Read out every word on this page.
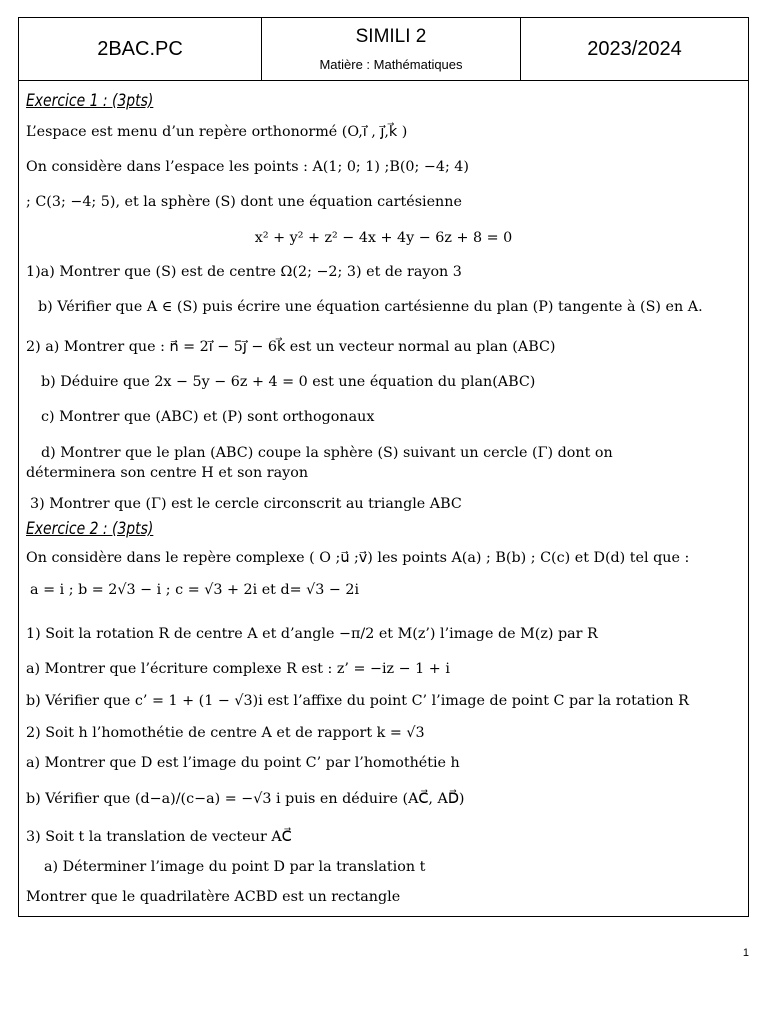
2BAC.PC
SIMILI 2
Matière : Mathématiques
2023/2024
Exercice 1 : (3pts)
L’espace est menu d’un repère orthonormé (O,i⃗ , j⃗,k⃗ )
On considère dans l’espace les points : A(1; 0; 1) ;B(0; −4; 4)
; C(3; −4; 5), et la sphère (S) dont une équation cartésienne
x² + y² + z² − 4x + 4y − 6z + 8 = 0
1)a) Montrer que (S) est de centre Ω(2; −2; 3) et de rayon 3
b) Vérifier que A ∈ (S) puis écrire une équation cartésienne du plan (P) tangente à (S) en A.
2) a) Montrer que : n⃗ = 2i⃗ − 5j⃗ − 6k⃗ est un vecteur normal au plan (ABC)
b) Déduire que 2x − 5y − 6z + 4 = 0 est une équation du plan(ABC)
c) Montrer que (ABC) et (P) sont orthogonaux
d) Montrer que le plan (ABC) coupe la sphère (S) suivant un cercle (Γ) dont on
déterminera son centre H et son rayon
3) Montrer que (Γ) est le cercle circonscrit au triangle ABC
Exercice 2 : (3pts)
On considère dans le repère complexe ( O ;u⃗ ;v⃗) les points A(a) ; B(b) ; C(c) et D(d) tel que :
a = i ; b = 2√3 − i ; c = √3 + 2i et d= √3 − 2i
1) Soit la rotation R de centre A et d’angle −π/2 et M(z’) l’image de M(z) par R
a) Montrer que l’écriture complexe R est : z’ = −iz − 1 + i
b) Vérifier que c’ = 1 + (1 − √3)i est l’affixe du point C’ l’image de point C par la rotation R
2) Soit h l’homothétie de centre A et de rapport k = √3
a) Montrer que D est l’image du point C’ par l’homothétie h
b) Vérifier que (d−a)/(c−a) = −√3 i puis en déduire (AC⃗, AD⃗)
3) Soit t la translation de vecteur AC⃗
a) Déterminer l’image du point D par la translation t
Montrer que le quadrilatère ACBD est un rectangle
1
